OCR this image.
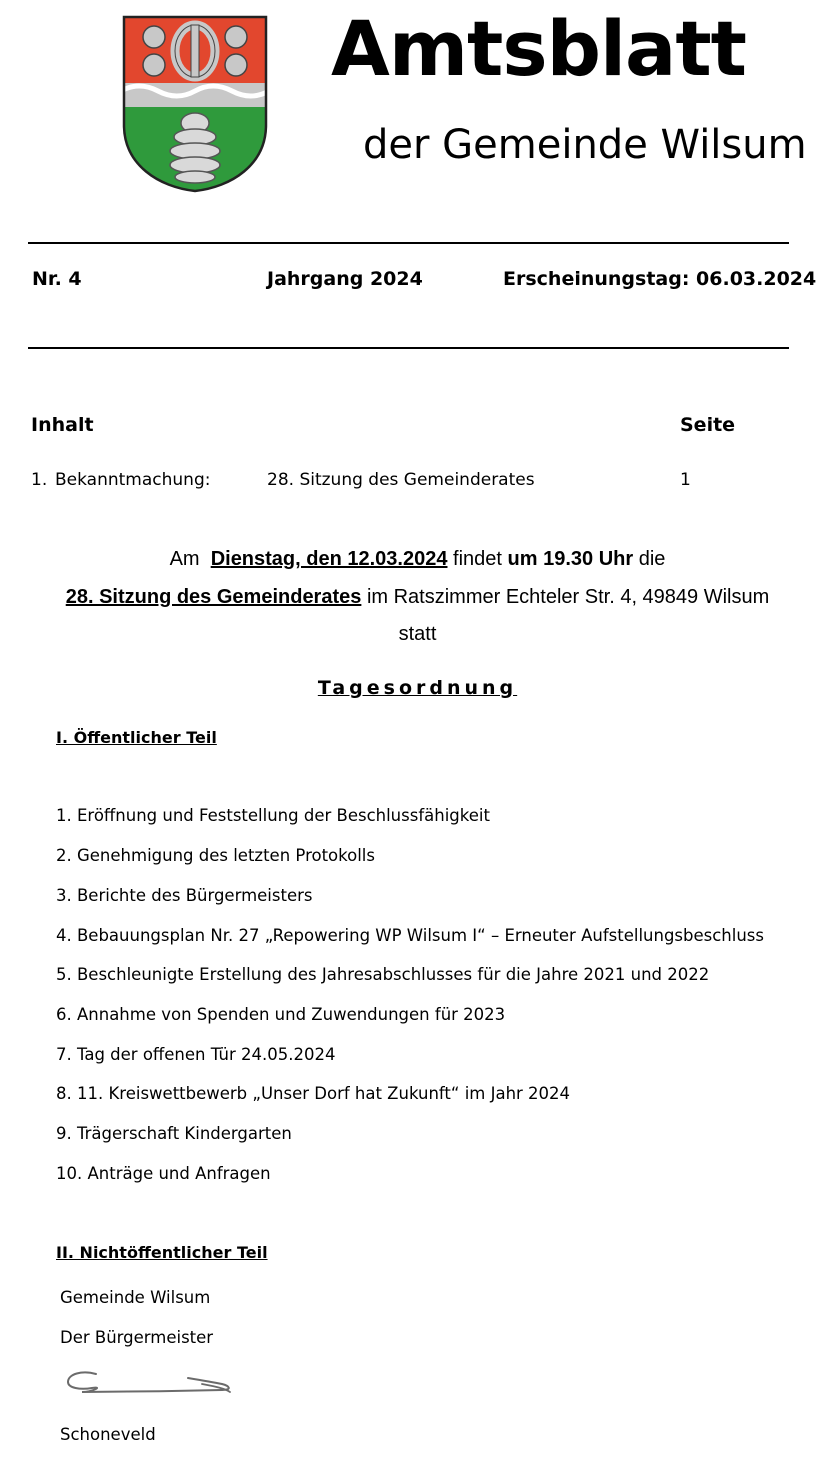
Amtsblatt
der Gemeinde Wilsum
Nr. 4	Jahrgang 2024	Erscheinungstag: 06.03.2024
Inhalt	Seite
1. Bekanntmachung:	28. Sitzung des Gemeinderates	1
Am Dienstag, den 12.03.2024 findet um 19.30 Uhr die
28. Sitzung des Gemeinderates im Ratszimmer Echteler Str. 4, 49849 Wilsum
statt
Tagesordnung
I. Öffentlicher Teil
1. Eröffnung und Feststellung der Beschlussfähigkeit
2. Genehmigung des letzten Protokolls
3. Berichte des Bürgermeisters
4. Bebauungsplan Nr. 27 „Repowering WP Wilsum I“ – Erneuter Aufstellungsbeschluss
5. Beschleunigte Erstellung des Jahresabschlusses für die Jahre 2021 und 2022
6. Annahme von Spenden und Zuwendungen für 2023
7. Tag der offenen Tür 24.05.2024
8. 11. Kreiswettbewerb „Unser Dorf hat Zukunft“ im Jahr 2024
9. Trägerschaft Kindergarten
10. Anträge und Anfragen
II. Nichtöffentlicher Teil
Gemeinde Wilsum
Der Bürgermeister
Schoneveld
